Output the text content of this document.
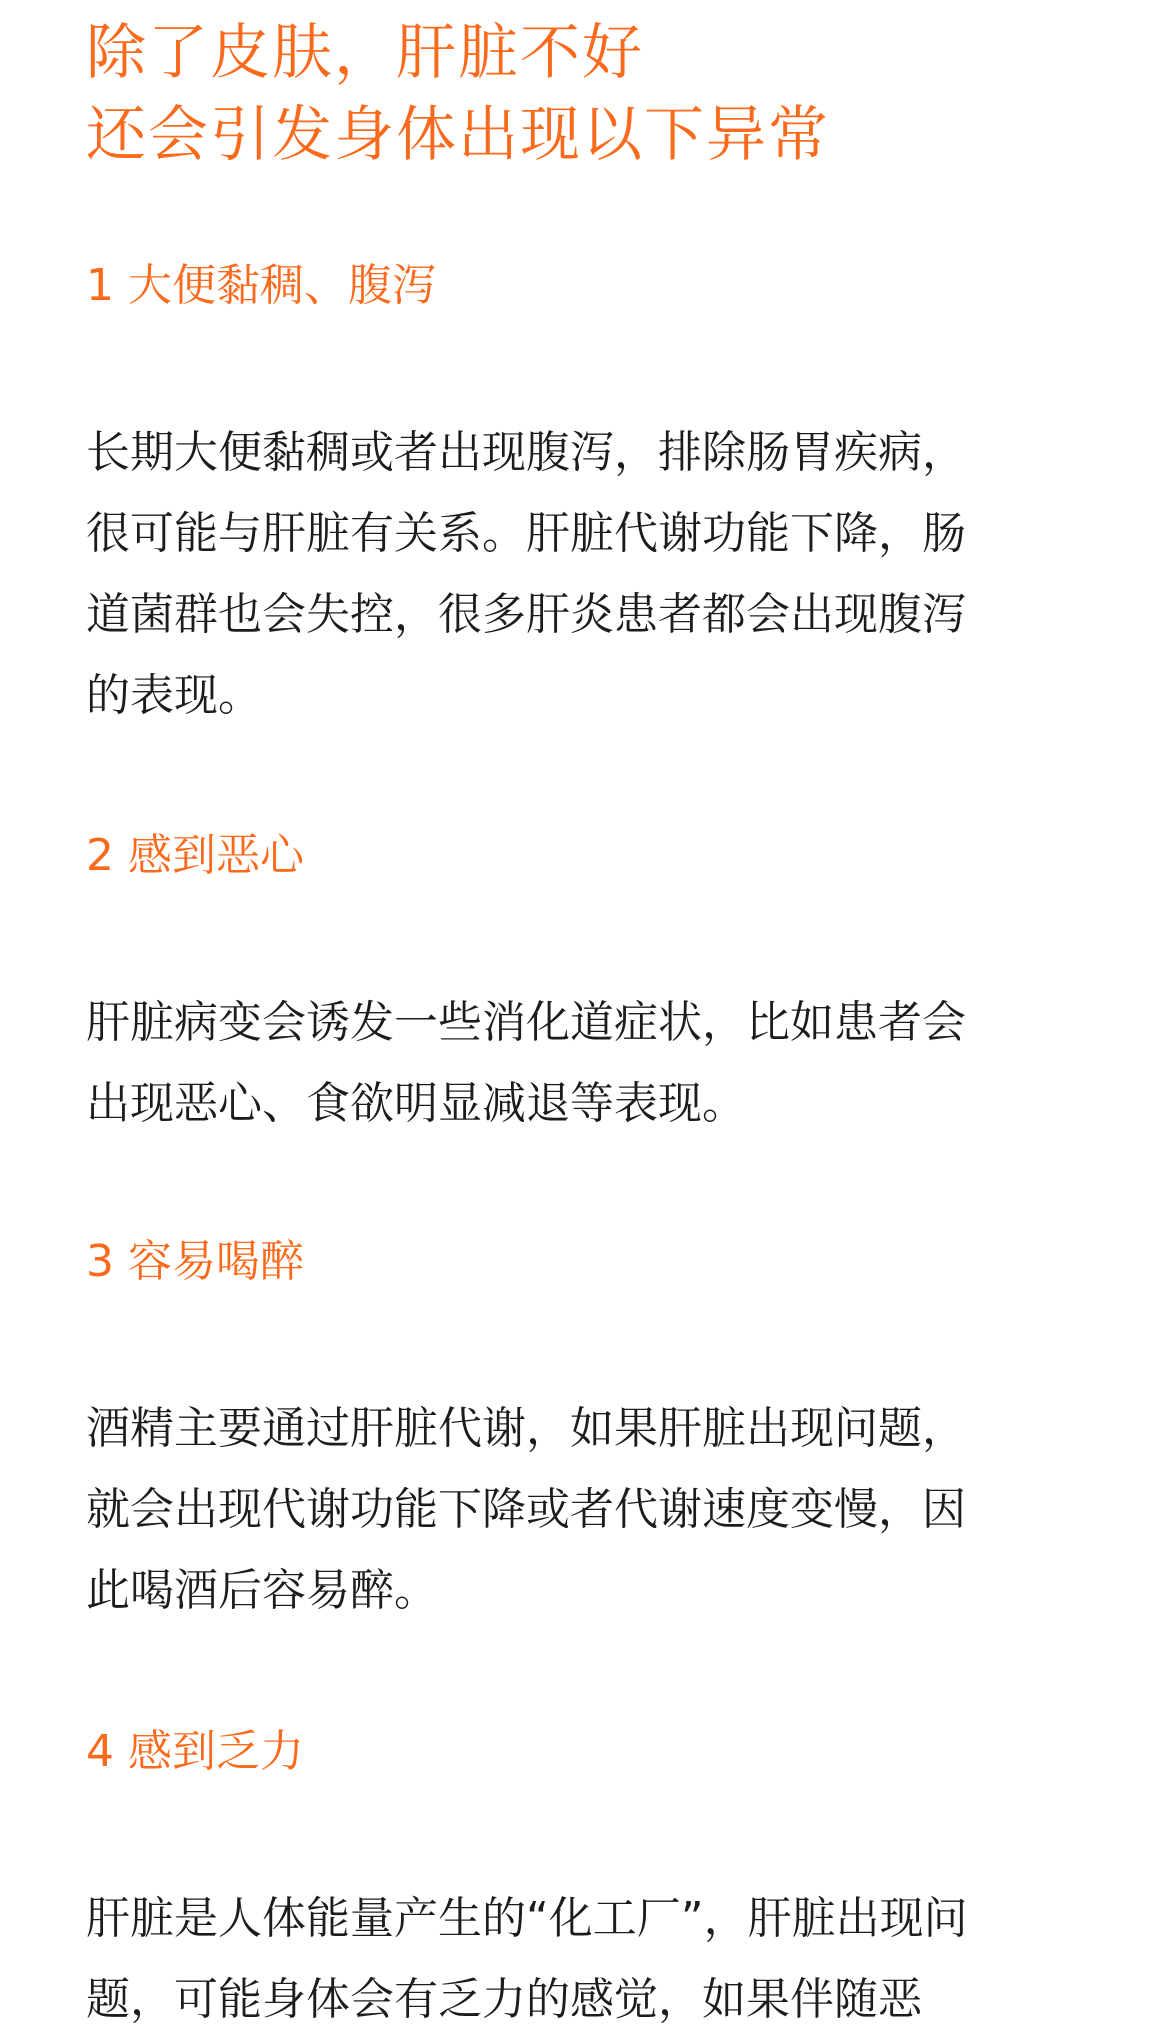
除了皮肤，肝脏不好
还会引发身体出现以下异常
1 大便黏稠、腹泻

长期大便黏稠或者出现腹泻，排除肠胃疾病，
很可能与肝脏有关系。肝脏代谢功能下降，肠
道菌群也会失控，很多肝炎患者都会出现腹泻
的表现。

2 感到恶心

肝脏病变会诱发一些消化道症状，比如患者会
出现恶心、食欲明显减退等表现。

3 容易喝醉

酒精主要通过肝脏代谢，如果肝脏出现问题，
就会出现代谢功能下降或者代谢速度变慢，因
此喝酒后容易醉。

4 感到乏力

肝脏是人体能量产生的“化工厂”，肝脏出现问
题，可能身体会有乏力的感觉，如果伴随恶
